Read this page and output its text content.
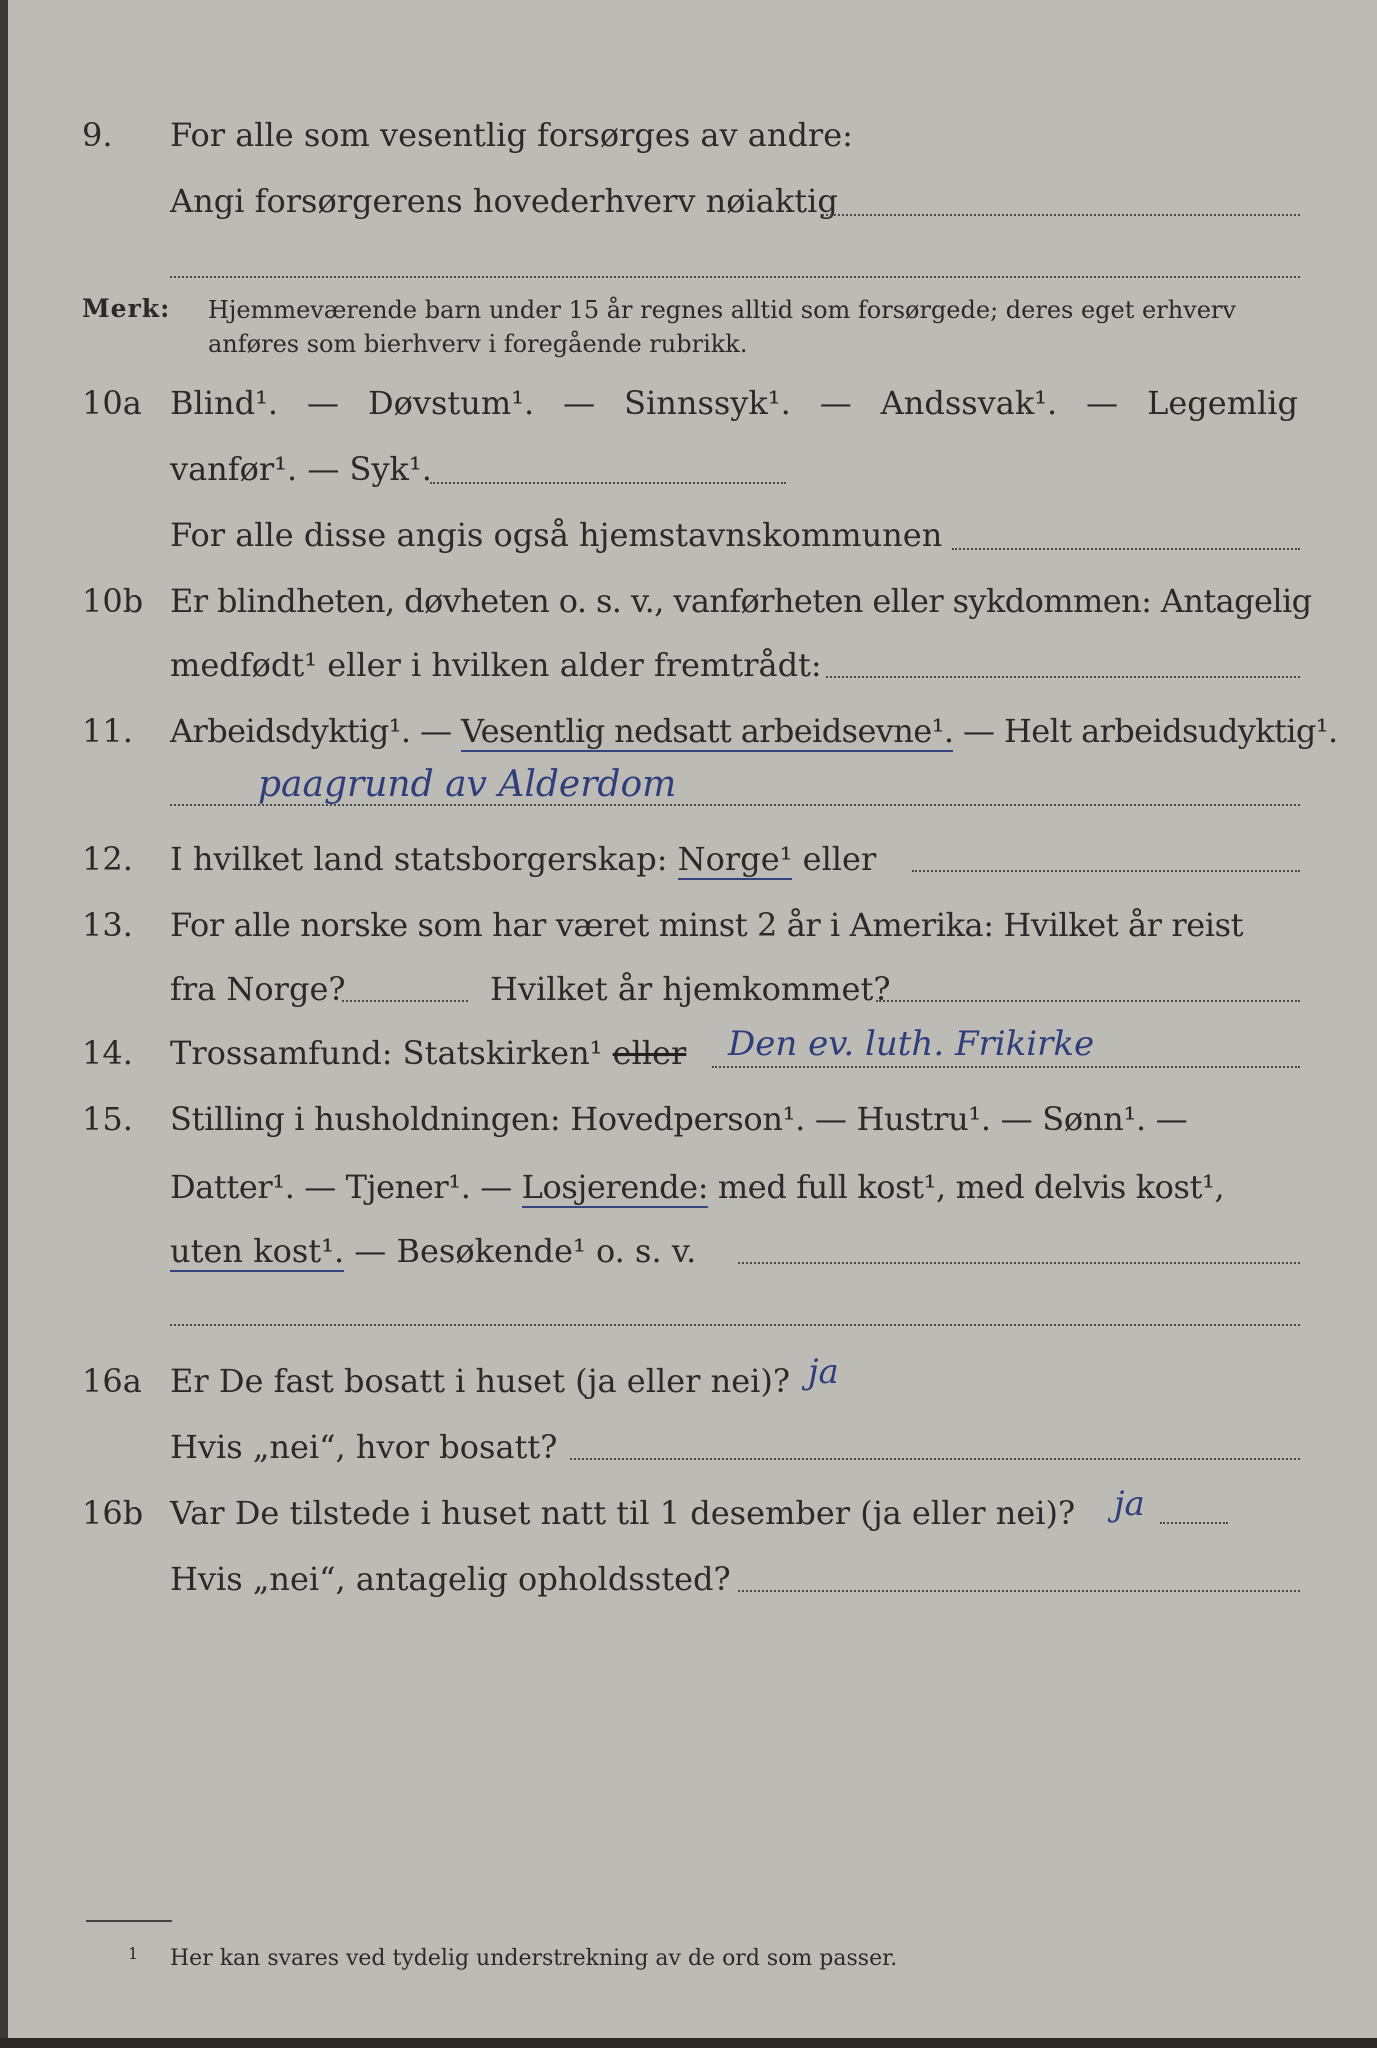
9. For alle som vesentlig forsørges av andre:
Angi forsørgerens hovederhverv nøiaktig
Merk: Hjemmeværende barn under 15 år regnes alltid som forsørgede; deres eget erhverv
anføres som bierhverv i foregående rubrikk.
10a Blind¹. — Døvstum¹. — Sinnssyk¹. — Andssvak¹. — Legemlig
vanfør¹. — Syk¹.
For alle disse angis også hjemstavnskommunen
10b Er blindheten, døvheten o. s. v., vanførheten eller sykdommen: Antagelig
medfødt¹ eller i hvilken alder fremtrådt:
11. Arbeidsdyktig¹. — Vesentlig nedsatt arbeidsevne¹. — Helt arbeidsudyktig¹.
paagrund av Alderdom
12. I hvilket land statsborgerskap: Norge¹ eller
13. For alle norske som har været minst 2 år i Amerika: Hvilket år reist
fra Norge?	Hvilket år hjemkommet?
14. Trossamfund: Statskirken¹ eller Den ev. luth. Frikirke
15. Stilling i husholdningen: Hovedperson¹. — Hustru¹. — Sønn¹. —
Datter¹. — Tjener¹. — Losjerende: med full kost¹, med delvis kost¹,
uten kost¹. — Besøkende¹ o. s. v.
16a Er De fast bosatt i huset (ja eller nei)? ja
Hvis „nei“, hvor bosatt?
16b Var De tilstede i huset natt til 1 desember (ja eller nei)? ja
Hvis „nei“, antagelig opholdssted?
1 Her kan svares ved tydelig understrekning av de ord som passer.
